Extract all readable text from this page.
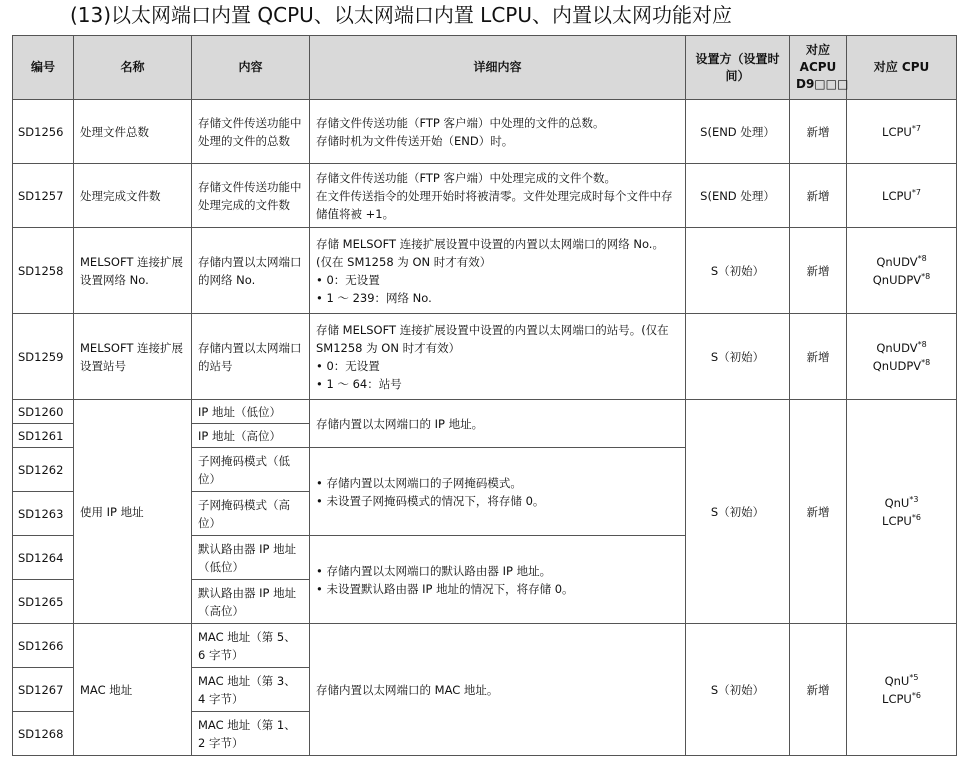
(13)以太网端口内置 QCPU、以太网端口内置 LCPU、内置以太网功能对应
编号	名称	内容	详细内容	设置方（设置时间）	对应 ACPU D9□□□	对应 CPU
SD1256	处理文件总数	存储文件传送功能中处理的文件的总数	存储文件传送功能（FTP 客户端）中处理的文件的总数。
存储时机为文件传送开始（END）时。	S(END 处理）	新增	LCPU$^{*7}$
SD1257	处理完成文件数	存储文件传送功能中处理完成的文件数	存储文件传送功能（FTP 客户端）中处理完成的文件个数。
在文件传送指令的处理开始时将被清零。文件处理完成时每个文件中存储值将被 +1。	S(END 处理）	新增	LCPU$^{*7}$
SD1258	MELSOFT 连接扩展设置网络 No.	存储内置以太网端口的网络 No.	存储 MELSOFT 连接扩展设置中设置的内置以太网端口的网络 No.。(仅在 SM1258 为 ON 时才有效）
• 0：无设置
• 1 ～ 239：网络 No.	S（初始）	新增	QnUDV$^{*8}$
QnUDPV$^{*8}$

SD1259	MELSOFT 连接扩展设置站号	存储内置以太网端口的站号	存储 MELSOFT 连接扩展设置中设置的内置以太网端口的站号。(仅在 SM1258 为 ON 时才有效）
• 0：无设置
• 1 ～ 64：站号	S（初始）	新增	QnUDV$^{*8}$
QnUDPV$^{*8}$

SD1260	使用 IP 地址	IP 地址（低位）	存储内置以太网端口的 IP 地址。	S（初始）	新增	QnU$^{*3}$
LCPU$^{*6}$

SD1261		IP 地址（高位）				
SD1262		子网掩码模式（低位）	• 存储内置以太网端口的子网掩码模式。
• 未设置子网掩码模式的情况下，将存储 0。			

SD1263		子网掩码模式（高位）				
SD1264		默认路由器 IP 地址（低位）	• 存储内置以太网端口的默认路由器 IP 地址。
• 未设置默认路由器 IP 地址的情况下，将存储 0。			

SD1265		默认路由器 IP 地址（高位）				
SD1266	MAC 地址	MAC 地址（第 5、6 字节）	存储内置以太网端口的 MAC 地址。	S（初始）	新增	QnU$^{*5}$
LCPU$^{*6}$

SD1267		MAC 地址（第 3、4 字节）				
SD1268		MAC 地址（第 1、2 字节）				
